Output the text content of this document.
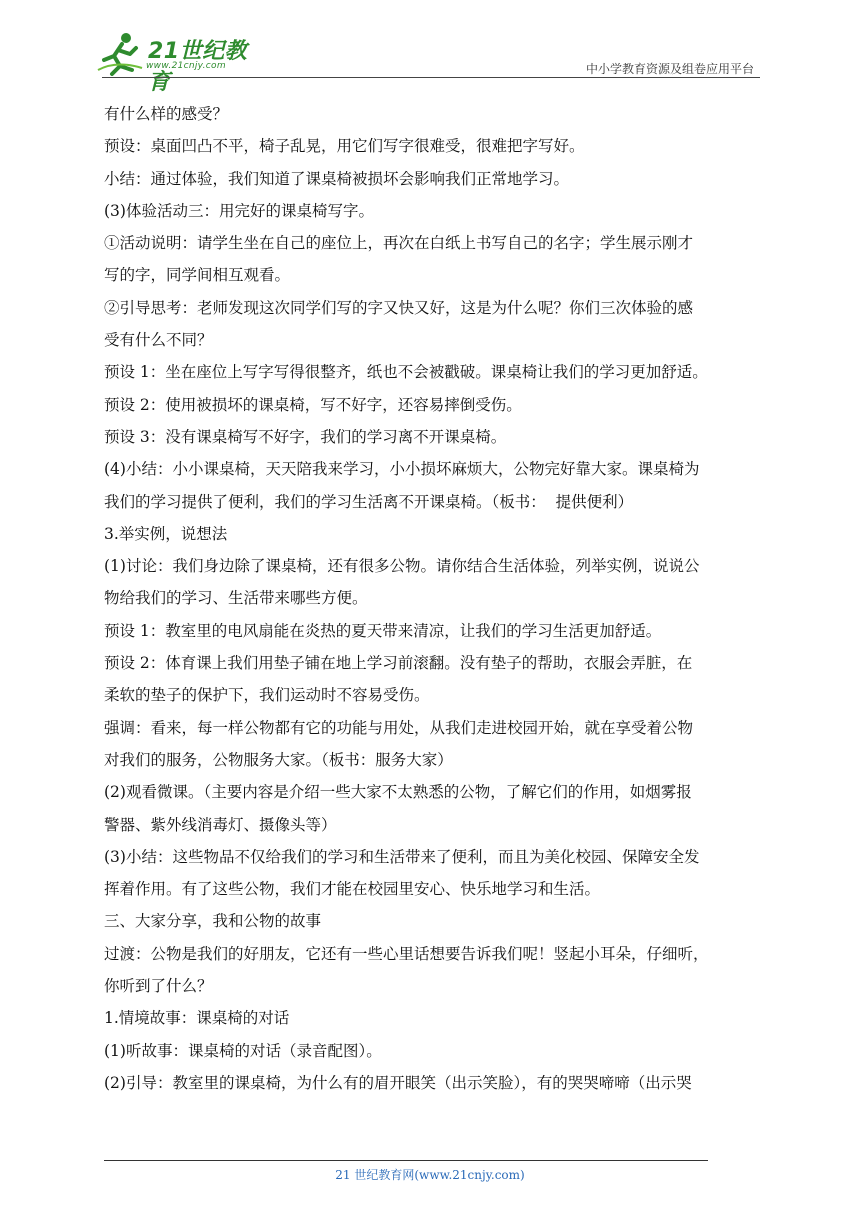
21世纪教育
www.21cnjy.com	中小学教育资源及组卷应用平台

有什么样的感受？

预设：桌面凹凸不平，椅子乱晃，用它们写字很难受，很难把字写好。

小结：通过体验，我们知道了课桌椅被损坏会影响我们正常地学习。

(3)体验活动三：用完好的课桌椅写字。

①活动说明：请学生坐在自己的座位上，再次在白纸上书写自己的名字；学生展示刚才

写的字，同学间相互观看。

②引导思考：老师发现这次同学们写的字又快又好，这是为什么呢？你们三次体验的感

受有什么不同？

预设 1：坐在座位上写字写得很整齐，纸也不会被戳破。课桌椅让我们的学习更加舒适。

预设 2：使用被损坏的课桌椅，写不好字，还容易摔倒受伤。

预设 3：没有课桌椅写不好字，我们的学习离不开课桌椅。

(4)小结：小小课桌椅，天天陪我来学习，小小损坏麻烦大，公物完好靠大家。课桌椅为

我们的学习提供了便利，我们的学习生活离不开课桌椅。（板书：  提供便利）

3.举实例，说想法

(1)讨论：我们身边除了课桌椅，还有很多公物。请你结合生活体验，列举实例，说说公

物给我们的学习、生活带来哪些方便。

预设 1：教室里的电风扇能在炎热的夏天带来清凉，让我们的学习生活更加舒适。

预设 2：体育课上我们用垫子铺在地上学习前滚翻。没有垫子的帮助，衣服会弄脏，在

柔软的垫子的保护下，我们运动时不容易受伤。

强调：看来，每一样公物都有它的功能与用处，从我们走进校园开始，就在享受着公物

对我们的服务，公物服务大家。（板书：服务大家）

(2)观看微课。（主要内容是介绍一些大家不太熟悉的公物，了解它们的作用，如烟雾报

警器、紫外线消毒灯、摄像头等）

(3)小结：这些物品不仅给我们的学习和生活带来了便利，而且为美化校园、保障安全发

挥着作用。有了这些公物，我们才能在校园里安心、快乐地学习和生活。

三、大家分享，我和公物的故事

过渡：公物是我们的好朋友，它还有一些心里话想要告诉我们呢！竖起小耳朵，仔细听，

你听到了什么？

1.情境故事：课桌椅的对话

(1)听故事：课桌椅的对话（录音配图）。

(2)引导：教室里的课桌椅，为什么有的眉开眼笑（出示笑脸），有的哭哭啼啼（出示哭

21 世纪教育网(www.21cnjy.com)
